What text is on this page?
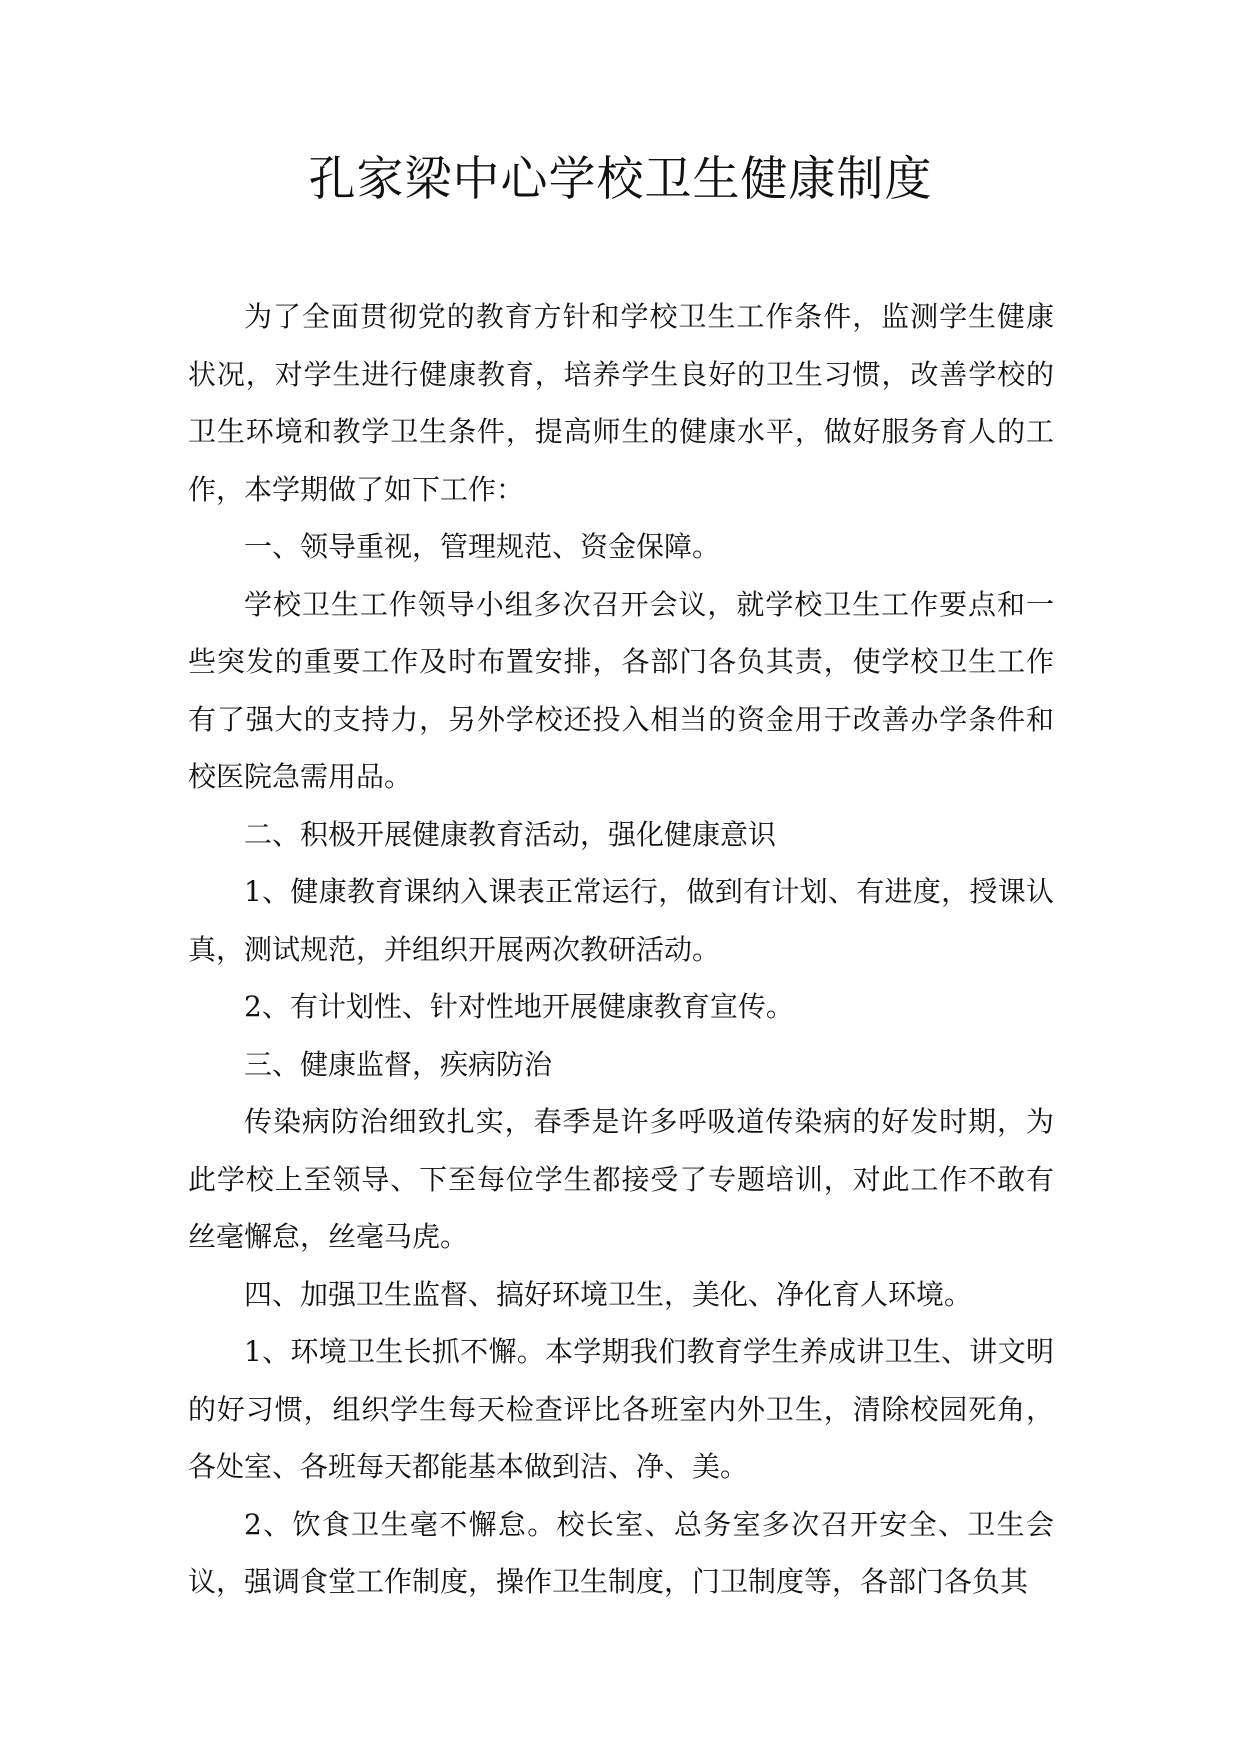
孔家梁中心学校卫生健康制度

为了全面贯彻党的教育方针和学校卫生工作条件，监测学生健康状况，对学生进行健康教育，培养学生良好的卫生习惯，改善学校的卫生环境和教学卫生条件，提高师生的健康水平，做好服务育人的工作，本学期做了如下工作：

一、领导重视，管理规范、资金保障。

学校卫生工作领导小组多次召开会议，就学校卫生工作要点和一些突发的重要工作及时布置安排，各部门各负其责，使学校卫生工作有了强大的支持力，另外学校还投入相当的资金用于改善办学条件和校医院急需用品。

二、积极开展健康教育活动，强化健康意识

1、健康教育课纳入课表正常运行，做到有计划、有进度，授课认真，测试规范，并组织开展两次教研活动。

2、有计划性、针对性地开展健康教育宣传。

三、健康监督，疾病防治

传染病防治细致扎实，春季是许多呼吸道传染病的好发时期，为此学校上至领导、下至每位学生都接受了专题培训，对此工作不敢有丝毫懈怠，丝毫马虎。

四、加强卫生监督、搞好环境卫生，美化、净化育人环境。

1、环境卫生长抓不懈。本学期我们教育学生养成讲卫生、讲文明的好习惯，组织学生每天检查评比各班室内外卫生，清除校园死角，各处室、各班每天都能基本做到洁、净、美。

2、饮食卫生毫不懈怠。校长室、总务室多次召开安全、卫生会议，强调食堂工作制度，操作卫生制度，门卫制度等，各部门各负其
